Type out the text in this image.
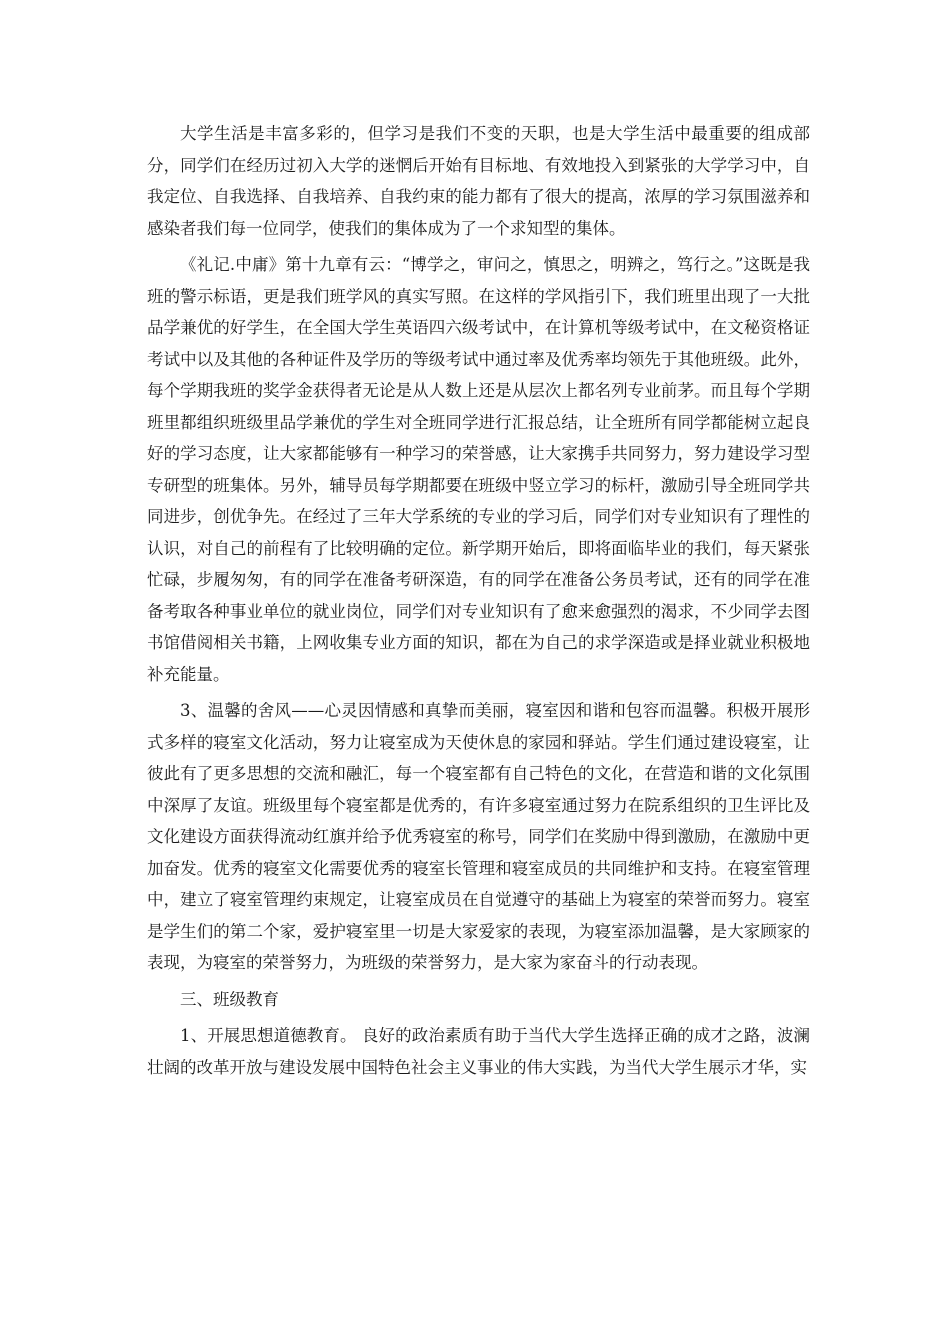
大学生活是丰富多彩的，但学习是我们不变的天职，也是大学生活中最重要的组成部分，同学们在经历过初入大学的迷惘后开始有目标地、有效地投入到紧张的大学学习中，自我定位、自我选择、自我培养、自我约束的能力都有了很大的提高，浓厚的学习氛围滋养和感染者我们每一位同学，使我们的集体成为了一个求知型的集体。

《礼记.中庸》第十九章有云：“博学之，审问之，慎思之，明辨之，笃行之。”这既是我班的警示标语，更是我们班学风的真实写照。在这样的学风指引下，我们班里出现了一大批品学兼优的好学生，在全国大学生英语四六级考试中，在计算机等级考试中，在文秘资格证考试中以及其他的各种证件及学历的等级考试中通过率及优秀率均领先于其他班级。此外，每个学期我班的奖学金获得者无论是从人数上还是从层次上都名列专业前茅。而且每个学期班里都组织班级里品学兼优的学生对全班同学进行汇报总结，让全班所有同学都能树立起良好的学习态度，让大家都能够有一种学习的荣誉感，让大家携手共同努力，努力建设学习型专研型的班集体。另外，辅导员每学期都要在班级中竖立学习的标杆，激励引导全班同学共同进步，创优争先。在经过了三年大学系统的专业的学习后，同学们对专业知识有了理性的认识，对自己的前程有了比较明确的定位。新学期开始后，即将面临毕业的我们，每天紧张忙碌，步履匆匆，有的同学在准备考研深造，有的同学在准备公务员考试，还有的同学在准备考取各种事业单位的就业岗位，同学们对专业知识有了愈来愈强烈的渴求，不少同学去图书馆借阅相关书籍，上网收集专业方面的知识，都在为自己的求学深造或是择业就业积极地补充能量。

3、温馨的舍风——心灵因情感和真挚而美丽，寝室因和谐和包容而温馨。积极开展形式多样的寝室文化活动，努力让寝室成为天使休息的家园和驿站。学生们通过建设寝室，让彼此有了更多思想的交流和融汇，每一个寝室都有自己特色的文化，在营造和谐的文化氛围中深厚了友谊。班级里每个寝室都是优秀的，有许多寝室通过努力在院系组织的卫生评比及文化建设方面获得流动红旗并给予优秀寝室的称号，同学们在奖励中得到激励，在激励中更加奋发。优秀的寝室文化需要优秀的寝室长管理和寝室成员的共同维护和支持。在寝室管理中，建立了寝室管理约束规定，让寝室成员在自觉遵守的基础上为寝室的荣誉而努力。寝室是学生们的第二个家，爱护寝室里一切是大家爱家的表现，为寝室添加温馨，是大家顾家的表现，为寝室的荣誉努力，为班级的荣誉努力，是大家为家奋斗的行动表现。

三、班级教育

1、开展思想道德教育。 良好的政治素质有助于当代大学生选择正确的成才之路，波澜壮阔的改革开放与建设发展中国特色社会主义事业的伟大实践，为当代大学生展示才华，实
